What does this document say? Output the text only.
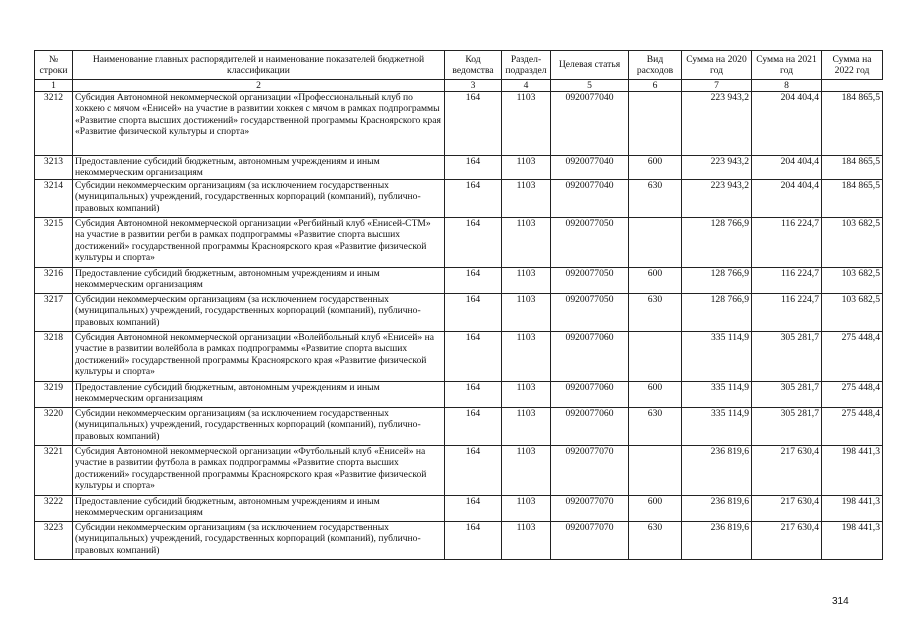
№ строки	Наименование главных распорядителей и наименование показателей бюджетной классификации	Код ведомства	Раздел-подраздел	Целевая статья	Вид расходов	Сумма на 2020 год	Сумма на 2021 год	Сумма на 2022 год
1	2	3	4	5	6	7	8
3212	Субсидия Автономной некоммерческой организации «Профессиональный клуб по хоккею с мячом «Енисей» на участие в развитии хоккея с мячом в рамках подпрограммы «Развитие спорта высших достижений» государственной программы Красноярского края «Развитие физической культуры и спорта»	164	1103	0920077040		223 943,2	204 404,4	184 865,5
3213	Предоставление субсидий бюджетным, автономным учреждениям и иным некоммерческим организациям	164	1103	0920077040	600	223 943,2	204 404,4	184 865,5
3214	Субсидии некоммерческим организациям (за исключением государственных (муниципальных) учреждений, государственных корпораций (компаний), публично-правовых компаний)	164	1103	0920077040	630	223 943,2	204 404,4	184 865,5
3215	Субсидия Автономной некоммерческой организации «Регбийный клуб «Енисей-СТМ» на участие в развитии регби в рамках подпрограммы «Развитие спорта высших достижений» государственной программы Красноярского края «Развитие физической культуры и спорта»	164	1103	0920077050		128 766,9	116 224,7	103 682,5
3216	Предоставление субсидий бюджетным, автономным учреждениям и иным некоммерческим организациям	164	1103	0920077050	600	128 766,9	116 224,7	103 682,5
3217	Субсидии некоммерческим организациям (за исключением государственных (муниципальных) учреждений, государственных корпораций (компаний), публично-правовых компаний)	164	1103	0920077050	630	128 766,9	116 224,7	103 682,5
3218	Субсидия Автономной некоммерческой организации «Волейбольный клуб «Енисей» на участие в развитии волейбола в рамках подпрограммы «Развитие спорта высших достижений» государственной программы Красноярского края «Развитие физической культуры и спорта»	164	1103	0920077060		335 114,9	305 281,7	275 448,4
3219	Предоставление субсидий бюджетным, автономным учреждениям и иным некоммерческим организациям	164	1103	0920077060	600	335 114,9	305 281,7	275 448,4
3220	Субсидии некоммерческим организациям (за исключением государственных (муниципальных) учреждений, государственных корпораций (компаний), публично-правовых компаний)	164	1103	0920077060	630	335 114,9	305 281,7	275 448,4
3221	Субсидия Автономной некоммерческой организации «Футбольный клуб «Енисей» на участие в развитии футбола в рамках подпрограммы «Развитие спорта высших достижений» государственной программы Красноярского края «Развитие физической культуры и спорта»	164	1103	0920077070		236 819,6	217 630,4	198 441,3
3222	Предоставление субсидий бюджетным, автономным учреждениям и иным некоммерческим организациям	164	1103	0920077070	600	236 819,6	217 630,4	198 441,3
3223	Субсидии некоммерческим организациям (за исключением государственных (муниципальных) учреждений, государственных корпораций (компаний), публично-правовых компаний)	164	1103	0920077070	630	236 819,6	217 630,4	198 441,3
314
